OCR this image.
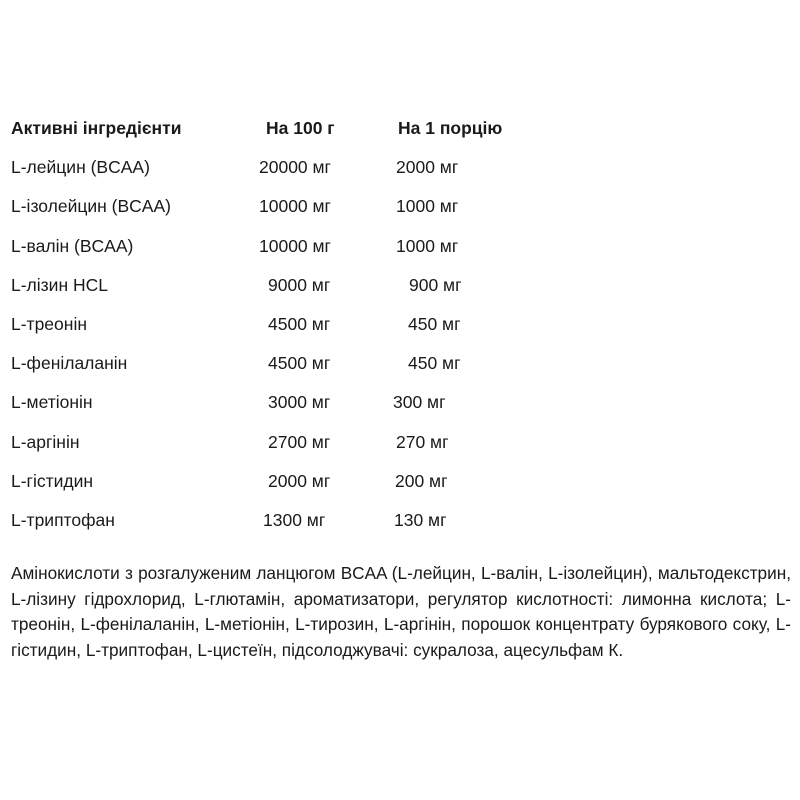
Активні інгредієнти	На 100 г	На 1 порцію
L-лейцин (BCAA)	20000 мг	2000 мг
L-ізолейцин (BCAA)	10000 мг	1000 мг
L-валін (BCAA)	10000 мг	1000 мг
L-лізин HCL	9000 мг	900 мг
L-треонін	4500 мг	450 мг
L-фенілаланін	4500 мг	450 мг
L-метіонін	3000 мг	300 мг
L-аргінін	2700 мг	270 мг
L-гістидин	2000 мг	200 мг
L-триптофан	1300 мг	130 мг

Амінокислоти з розгалуженим ланцюгом BCAA (L-лейцин, L-валін, L-ізолейцин), мальтодекстрин, L-лізину гідрохлорид, L-глютамін, ароматизатори, регулятор кислотності: лимонна кислота; L-треонін, L-фенілаланін, L-метіонін, L-тирозин, L-аргінін, порошок концентрату бурякового соку, L-гістидин, L-триптофан, L-цистеїн, підсолоджувачі: сукралоза, ацесульфам К.
